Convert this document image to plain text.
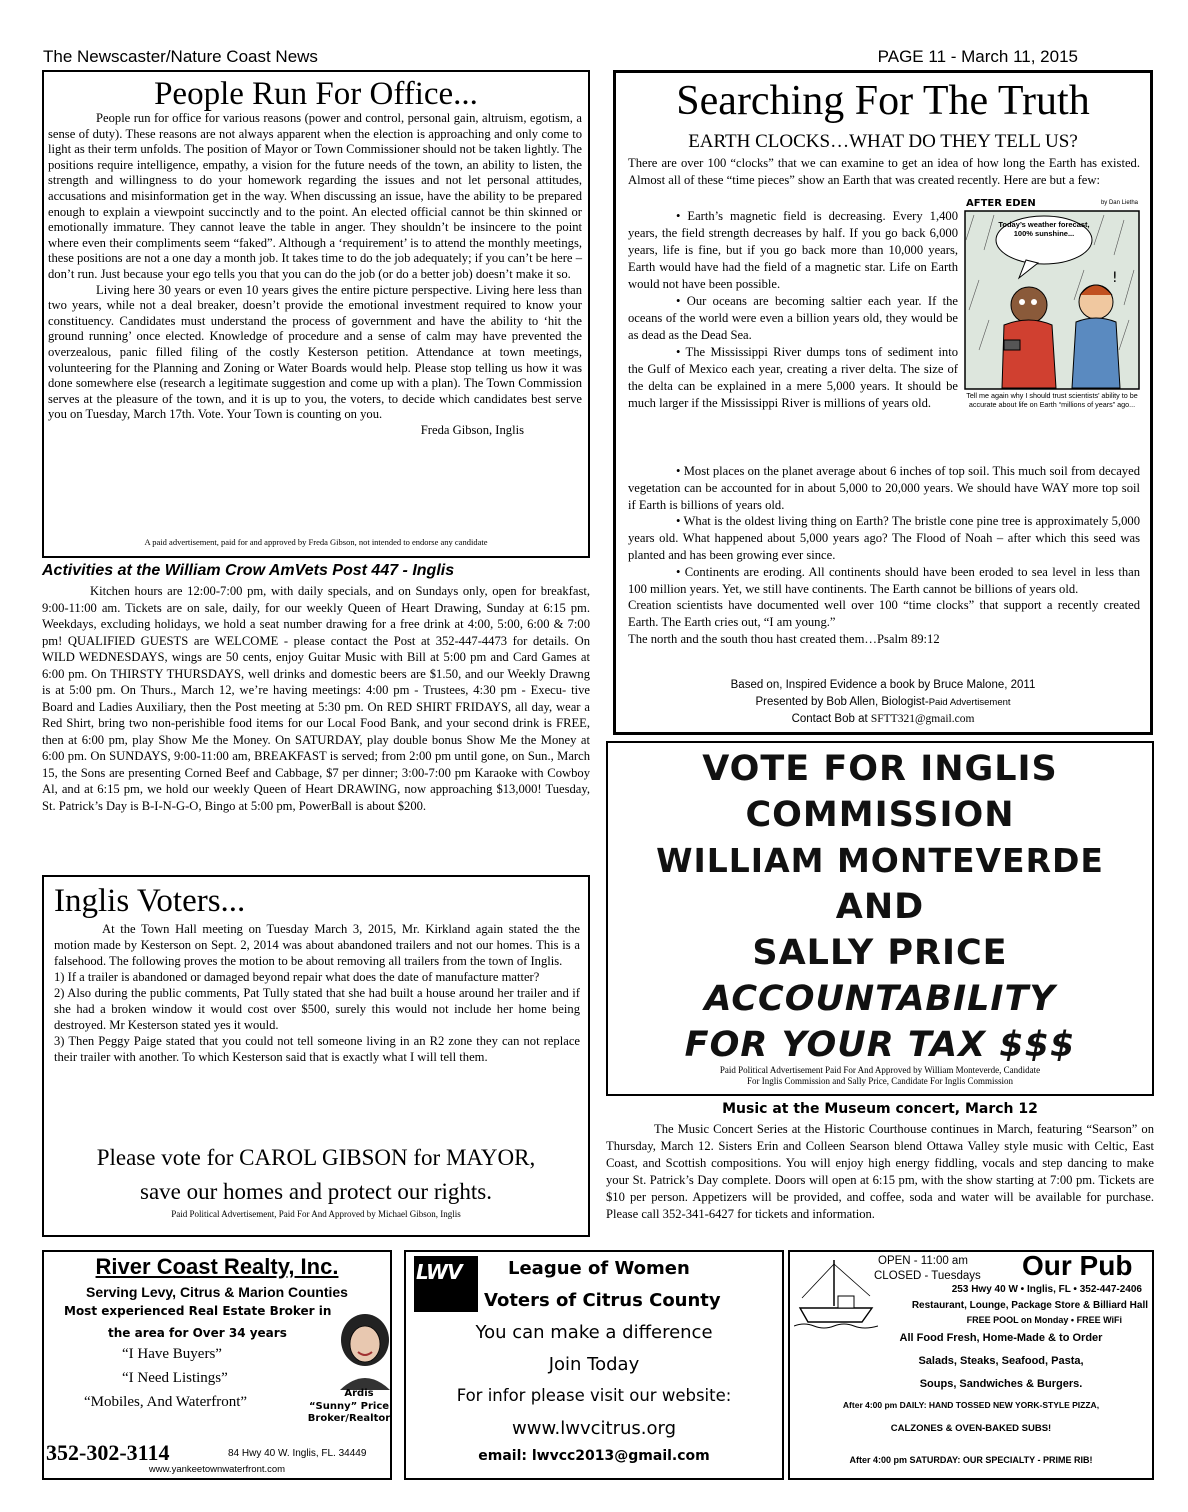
The Newscaster/Nature Coast News	PAGE 11 - March 11, 2015
People Run For Office...

People run for office for various reasons (power and control, personal gain, altruism, egotism, a sense of duty). These reasons are not always apparent when the election is approaching and only come to light as their term unfolds. The position of Mayor or Town Commissioner should not be taken lightly. The positions require intelligence, empathy, a vision for the future needs of the town, an ability to listen, the strength and willingness to do your homework regarding the issues and not let personal attitudes, accusations and misinformation get in the way. When discussing an issue, have the ability to be prepared enough to explain a viewpoint succinctly and to the point. An elected official cannot be thin skinned or emotionally immature. They cannot leave the table in anger. They shouldn’t be insincere to the point where even their compliments seem “faked”. Although a ‘requirement’ is to attend the monthly meetings, these positions are not a one day a month job. It takes time to do the job adequately; if you can’t be here – don’t run. Just because your ego tells you that you can do the job (or do a better job) doesn’t make it so.

Living here 30 years or even 10 years gives the entire picture perspective. Living here less than two years, while not a deal breaker, doesn’t provide the emotional investment required to know your constituency. Candidates must understand the process of government and have the ability to ‘hit the ground running’ once elected. Knowledge of procedure and a sense of calm may have prevented the overzealous, panic filled filing of the costly Kesterson petition. Attendance at town meetings, volunteering for the Planning and Zoning or Water Boards would help. Please stop telling us how it was done somewhere else (research a legitimate suggestion and come up with a plan). The Town Commission serves at the pleasure of the town, and it is up to you, the voters, to decide which candidates best serve you on Tuesday, March 17th. Vote. Your Town is counting on you.

Freda Gibson, Inglis
A paid advertisement, paid for and approved by Freda Gibson, not intended to endorse any candidate
Activities at the William Crow AmVets Post 447 - Inglis

Kitchen hours are 12:00-7:00 pm, with daily specials, and on Sundays only, open for breakfast, 9:00-11:00 am. Tickets are on sale, daily, for our weekly Queen of Heart Drawing, Sunday at 6:15 pm. Weekdays, excluding holidays, we hold a seat number drawing for a free drink at 4:00, 5:00, 6:00 & 7:00 pm! QUALIFIED GUESTS are WELCOME - please contact the Post at 352-447-4473 for details. On WILD WEDNESDAYS, wings are 50 cents, enjoy Guitar Music with Bill at 5:00 pm and Card Games at 6:00 pm. On THIRSTY THURSDAYS, well drinks and domestic beers are $1.50, and our Weekly Drawng is at 5:00 pm. On Thurs., March 12, we’re having meetings: 4:00 pm - Trustees, 4:30 pm - Execu- tive Board and Ladies Auxiliary, then the Post meeting at 5:30 pm. On RED SHIRT FRIDAYS, all day, wear a Red Shirt, bring two non-perishible food items for our Local Food Bank, and your second drink is FREE, then at 6:00 pm, play Show Me the Money. On SATURDAY, play double bonus Show Me the Money at 6:00 pm. On SUNDAYS, 9:00-11:00 am, BREAKFAST is served; from 2:00 pm until gone, on Sun., March 15, the Sons are presenting Corned Beef and Cabbage, $7 per dinner; 3:00-7:00 pm Karaoke with Cowboy Al, and at 6:15 pm, we hold our weekly Queen of Heart DRAWING, now approaching $13,000! Tuesday, St. Patrick’s Day is B-I-N-G-O, Bingo at 5:00 pm, PowerBall is about $200.

Inglis Voters...

At the Town Hall meeting on Tuesday March 3, 2015, Mr. Kirkland again stated the the motion made by Kesterson on Sept. 2, 2014 was about abandoned trailers and not our homes. This is a falsehood. The following proves the motion to be about removing all trailers from the town of Inglis.

1) If a trailer is abandoned or damaged beyond repair what does the date of manufacture matter?

2) Also during the public comments, Pat Tully stated that she had built a house around her trailer and if she had a broken window it would cost over $500, surely this would not include her home being destroyed. Mr Kesterson stated yes it would.

3) Then Peggy Paige stated that you could not tell someone living in an R2 zone they can not replace their trailer with another. To which Kesterson said that is exactly what I will tell them.

Please vote for CAROL GIBSON for MAYOR, save our homes and protect our rights.
Paid Political Advertisement, Paid For And Approved by Michael Gibson, Inglis
Searching For The Truth
EARTH CLOCKS…WHAT DO THEY TELL US?
There are over 100 “clocks” that we can examine to get an idea of how long the Earth has existed. Almost all of these “time pieces” show an Earth that was created recently. Here are but a few:
AFTER EDEN	by Dan Lietha
!
Today’s weather forecast, 100% sunshine...
Tell me again why I should trust scientists’ ability to be accurate about life on Earth “millions of years” ago...

• Earth’s magnetic field is decreasing. Every 1,400 years, the field strength decreases by half. If you go back 6,000 years, life is fine, but if you go back more than 10,000 years, Earth would have had the field of a magnetic star. Life on Earth would not have been possible.

• Our oceans are becoming saltier each year. If the oceans of the world were even a billion years old, they would be as dead as the Dead Sea.

• The Mississippi River dumps tons of sediment into the Gulf of Mexico each year, creating a river delta. The size of the delta can be explained in a mere 5,000 years. It should be much larger if the Mississippi River is millions of years old.

• Most places on the planet average about 6 inches of top soil. This much soil from decayed vegetation can be accounted for in about 5,000 to 20,000 years. We should have WAY more top soil if Earth is billions of years old.

• What is the oldest living thing on Earth? The bristle cone pine tree is approximately 5,000 years old. What happened about 5,000 years ago? The Flood of Noah – after which this seed was planted and has been growing ever since.

• Continents are eroding. All continents should have been eroded to sea level in less than 100 million years. Yet, we still have continents. The Earth cannot be billions of years old.

Creation scientists have documented well over 100 “time clocks” that support a recently created Earth. The Earth cries out, “I am young.”

The north and the south thou hast created them…Psalm 89:12

Based on, Inspired Evidence a book by Bruce Malone, 2011
Presented by Bob Allen, Biologist-Paid Advertisement
Contact Bob at SFTT321@gmail.com
VOTE FOR INGLIS
COMMISSION
WILLIAM MONTEVERDE
AND
SALLY PRICE
ACCOUNTABILITY
FOR YOUR TAX $$$
Paid Political Advertisement Paid For And Approved by William Monteverde, Candidate
For Inglis Commission and Sally Price, Candidate For Inglis Commission
Music at the Museum concert, March 12

The Music Concert Series at the Historic Courthouse continues in March, featuring “Searson” on Thursday, March 12. Sisters Erin and Colleen Searson blend Ottawa Valley style music with Celtic, East Coast, and Scottish compositions. You will enjoy high energy fiddling, vocals and step dancing to make your St. Patrick’s Day complete. Doors will open at 6:15 pm, with the show starting at 7:00 pm. Tickets are $10 per person. Appetizers will be provided, and coffee, soda and water will be available for purchase. Please call 352-341-6427 for tickets and information.

River Coast Realty, Inc.
Serving Levy, Citrus & Marion Counties
Most experienced Real Estate Broker in
the area for Over 34 years
“I Have Buyers”
“I Need Listings”
“Mobiles, And Waterfront”
Ardis
“Sunny” Price
Broker/Realtor
352-302-3114	84 Hwy 40 W. Inglis, FL. 34449
www.yankeetownwaterfront.com
LWV	League of Women
Voters of Citrus County
You can make a difference
Join Today
For infor please visit our website:
www.lwvcitrus.org
email: lwvcc2013@gmail.com
OPEN - 11:00 am
CLOSED - Tuesdays Our Pub
253 Hwy 40 W • Inglis, FL • 352-447-2406
Restaurant, Lounge, Package Store & Billiard Hall
FREE POOL on Monday • FREE WiFi
All Food Fresh, Home-Made & to Order
Salads, Steaks, Seafood, Pasta,
Soups, Sandwiches & Burgers.
After 4:00 pm DAILY: HAND TOSSED NEW YORK-STYLE PIZZA,
CALZONES & OVEN-BAKED SUBS!
After 4:00 pm SATURDAY: OUR SPECIALTY - PRIME RIB!
